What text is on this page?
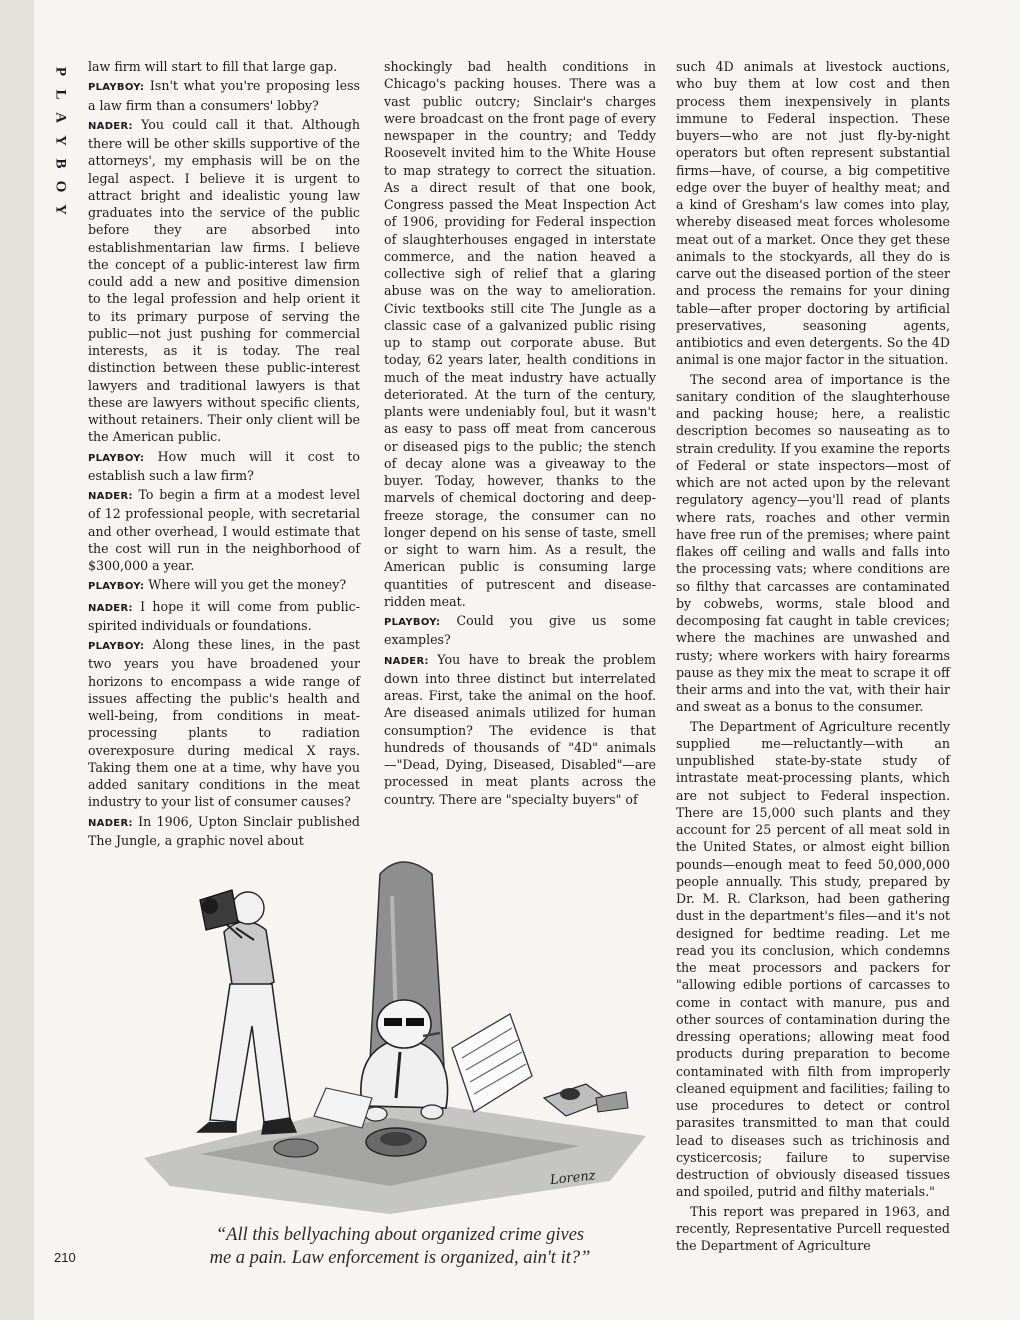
P
L
A
Y
B
O
Y

law firm will start to fill that large gap.

PLAYBOY: Isn't what you're proposing less a law firm than a consumers' lobby?

NADER: You could call it that. Although there will be other skills supportive of the attorneys', my emphasis will be on the legal aspect. I believe it is urgent to attract bright and idealistic young law graduates into the service of the public before they are absorbed into establishmentarian law firms. I believe the concept of a public-interest law firm could add a new and positive dimension to the legal profession and help orient it to its primary purpose of serving the public—not just pushing for commercial interests, as it is today. The real distinction between these public-interest lawyers and traditional lawyers is that these are lawyers without specific clients, without retainers. Their only client will be the American public.

PLAYBOY: How much will it cost to establish such a law firm?

NADER: To begin a firm at a modest level of 12 professional people, with secretarial and other overhead, I would estimate that the cost will run in the neighborhood of $300,000 a year.

PLAYBOY: Where will you get the money?

NADER: I hope it will come from public-spirited individuals or foundations.

PLAYBOY: Along these lines, in the past two years you have broadened your horizons to encompass a wide range of issues affecting the public's health and well-being, from conditions in meat-processing plants to radiation overexposure during medical X rays. Taking them one at a time, why have you added sanitary conditions in the meat industry to your list of consumer causes?

NADER: In 1906, Upton Sinclair published The Jungle, a graphic novel about

shockingly bad health conditions in Chicago's packing houses. There was a vast public outcry; Sinclair's charges were broadcast on the front page of every newspaper in the country; and Teddy Roosevelt invited him to the White House to map strategy to correct the situation. As a direct result of that one book, Congress passed the Meat Inspection Act of 1906, providing for Federal inspection of slaughterhouses engaged in interstate commerce, and the nation heaved a collective sigh of relief that a glaring abuse was on the way to amelioration. Civic textbooks still cite The Jungle as a classic case of a galvanized public rising up to stamp out corporate abuse. But today, 62 years later, health conditions in much of the meat industry have actually deteriorated. At the turn of the century, plants were undeniably foul, but it wasn't as easy to pass off meat from cancerous or diseased pigs to the public; the stench of decay alone was a giveaway to the buyer. Today, however, thanks to the marvels of chemical doctoring and deep-freeze storage, the consumer can no longer depend on his sense of taste, smell or sight to warn him. As a result, the American public is consuming large quantities of putrescent and disease-ridden meat.

PLAYBOY: Could you give us some examples?

NADER: You have to break the problem down into three distinct but interrelated areas. First, take the animal on the hoof. Are diseased animals utilized for human consumption? The evidence is that hundreds of thousands of "4D" animals—"Dead, Dying, Diseased, Disabled"—are processed in meat plants across the country. There are "specialty buyers" of

such 4D animals at livestock auctions, who buy them at low cost and then process them inexpensively in plants immune to Federal inspection. These buyers—who are not just fly-by-night operators but often represent substantial firms—have, of course, a big competitive edge over the buyer of healthy meat; and a kind of Gresham's law comes into play, whereby diseased meat forces wholesome meat out of a market. Once they get these animals to the stockyards, all they do is carve out the diseased portion of the steer and process the remains for your dining table—after proper doctoring by artificial preservatives, seasoning agents, antibiotics and even detergents. So the 4D animal is one major factor in the situation.

The second area of importance is the sanitary condition of the slaughterhouse and packing house; here, a realistic description becomes so nauseating as to strain credulity. If you examine the reports of Federal or state inspectors—most of which are not acted upon by the relevant regulatory agency—you'll read of plants where rats, roaches and other vermin have free run of the premises; where paint flakes off ceiling and walls and falls into the processing vats; where conditions are so filthy that carcasses are contaminated by cobwebs, worms, stale blood and decomposing fat caught in table crevices; where the machines are unwashed and rusty; where workers with hairy forearms pause as they mix the meat to scrape it off their arms and into the vat, with their hair and sweat as a bonus to the consumer.

The Department of Agriculture recently supplied me—reluctantly—with an unpublished state-by-state study of intrastate meat-processing plants, which are not subject to Federal inspection. There are 15,000 such plants and they account for 25 percent of all meat sold in the United States, or almost eight billion pounds—enough meat to feed 50,000,000 people annually. This study, prepared by Dr. M. R. Clarkson, had been gathering dust in the department's files—and it's not designed for bedtime reading. Let me read you its conclusion, which condemns the meat processors and packers for "allowing edible portions of carcasses to come in contact with manure, pus and other sources of contamination during the dressing operations; allowing meat food products during preparation to become contaminated with filth from improperly cleaned equipment and facilities; failing to use procedures to detect or control parasites transmitted to man that could lead to diseases such as trichinosis and cysticercosis; failure to supervise destruction of obviously diseased tissues and spoiled, putrid and filthy materials."

This report was prepared in 1963, and recently, Representative Purcell requested the Department of Agriculture

Lorenz
“All this bellyaching about organized crime gives
me a pain. Law enforcement is organized, ain't it?”
210
